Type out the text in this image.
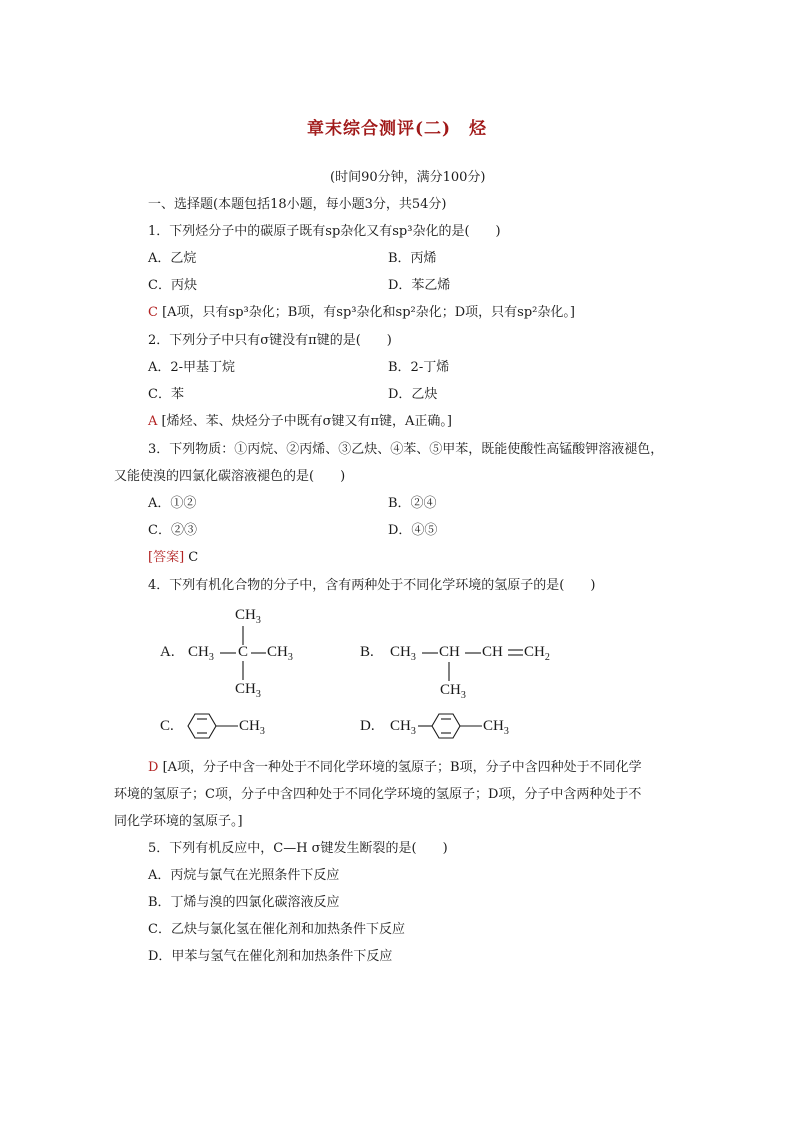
章末综合测评(二)　烃
(时间90分钟，满分100分)
一、选择题(本题包括18小题，每小题3分，共54分)
1．下列烃分子中的碳原子既有sp杂化又有sp³杂化的是(　　)
A．乙烷	B．丙烯
C．丙炔	D．苯乙烯
C [A项，只有sp³杂化；B项，有sp³杂化和sp²杂化；D项，只有sp²杂化。]
2．下列分子中只有σ键没有π键的是(　　)
A．2-甲基丁烷	B．2-丁烯
C．苯	D．乙炔
A [烯烃、苯、炔烃分子中既有σ键又有π键，A正确。]
3．下列物质：①丙烷、②丙烯、③乙炔、④苯、⑤甲苯，既能使酸性高锰酸钾溶液褪色，
又能使溴的四氯化碳溶液褪色的是(　　)
A．①②	B．②④
C．②③	D．④⑤
[答案] C
4．下列有机化合物的分子中，含有两种处于不同化学环境的氢原子的是(　　)
A.
$CH_3$
$CH_3$ C $CH_3$
$CH_3$
B. $CH_3$ CH CH $CH_2$
$CH_3$
C.	$CH_3$	D. $CH_3$	$CH_3$
D [A项，分子中含一种处于不同化学环境的氢原子；B项，分子中含四种处于不同化学
环境的氢原子；C项，分子中含四种处于不同化学环境的氢原子；D项，分子中含两种处于不
同化学环境的氢原子。]
5．下列有机反应中，C—H σ键发生断裂的是(　　)
A．丙烷与氯气在光照条件下反应
B．丁烯与溴的四氯化碳溶液反应
C．乙炔与氯化氢在催化剂和加热条件下反应
D．甲苯与氢气在催化剂和加热条件下反应
